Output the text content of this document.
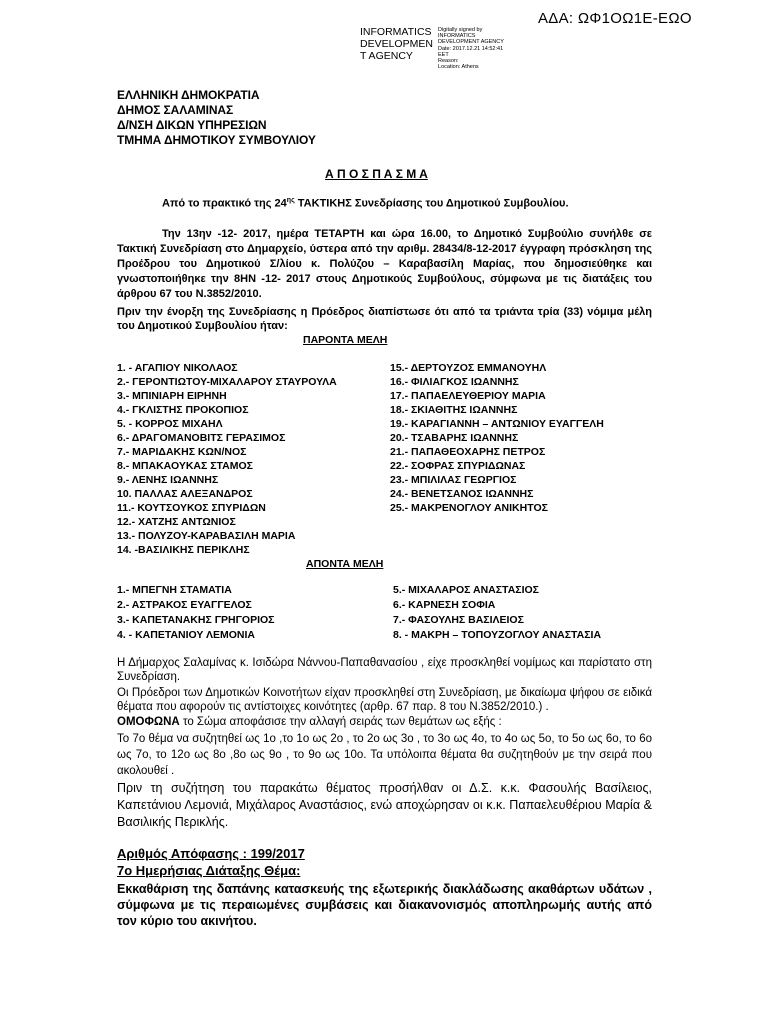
ΑΔΑ: ΩΦ1ΟΩ1Ε-ΕΩΟ
INFORMATICS
DEVELOPMEN
T AGENCY
Digitally signed by
INFORMATICS
DEVELOPMENT AGENCY
Date: 2017.12.21 14:52:41
EET
Reason:
Location: Athens
ΕΛΛΗΝΙΚΗ ΔΗΜΟΚΡΑΤΙΑ
ΔΗΜΟΣ ΣΑΛΑΜΙΝΑΣ
Δ/ΝΣΗ ΔΙΚΩΝ ΥΠΗΡΕΣΙΩΝ
ΤΜΗΜΑ ΔΗΜΟΤΙΚΟΥ ΣΥΜΒΟΥΛΙΟΥ
Α Π Ο Σ Π Α Σ Μ Α
Από το πρακτικό της $24^{\eta\varsigma}$ ΤΑΚΤΙΚΗΣ Συνεδρίασης του Δημοτικού Συμβουλίου.
Την 13ην -12- 2017, ημέρα ΤΕΤΑΡΤΗ και ώρα 16.00, το Δημοτικό Συμβούλιο συνήλθε σε Τακτική Συνεδρίαση στο Δημαρχείο, ύστερα από την αριθμ. 28434/8-12-2017 έγγραφη πρόσκληση της Προέδρου του Δημοτικού Σ/λίου κ. Πολύζου – Καραβασίλη Μαρίας, που δημοσιεύθηκε και γνωστοποιήθηκε την 8ΗΝ -12- 2017 στους Δημοτικούς Συμβούλους, σύμφωνα με τις διατάξεις του άρθρου 67 του Ν.3852/2010.
Πριν την ένορξη της Συνεδρίασης η Πρόεδρος διαπίστωσε ότι από τα τριάντα τρία (33) νόμιμα μέλη του Δημοτικού Συμβουλίου ήταν:
ΠΑΡΟΝΤΑ ΜΕΛΗ
1. - ΑΓΑΠΙΟΥ ΝΙΚΟΛΑΟΣ
2.- ΓΕΡΟΝΤΙΩΤΟΥ-ΜΙΧΑΛΑΡΟΥ ΣΤΑΥΡΟΥΛΑ
3.- ΜΠΙΝΙΑΡΗ ΕΙΡΗΝΗ
4.- ΓΚΛΙΣΤΗΣ ΠΡΟΚΟΠΙΟΣ
5. - ΚΟΡΡΟΣ ΜΙΧΑΗΛ
6.- ΔΡΑΓΟΜΑΝΟΒΙΤΣ ΓΕΡΑΣΙΜΟΣ
7.- ΜΑΡΙΔΑΚΗΣ ΚΩΝ/ΝΟΣ
8.- ΜΠΑΚΑΟΥΚΑΣ ΣΤΑΜΟΣ
9.- ΛΕΝΗΣ ΙΩΑΝΝΗΣ
10. ΠΑΛΛΑΣ ΑΛΕΞΑΝΔΡΟΣ
11.- ΚΟΥΤΣΟΥΚΟΣ ΣΠΥΡΙΔΩΝ
12.- ΧΑΤΖΗΣ ΑΝΤΩΝΙΟΣ
13.- ΠΟΛΥΖΟΥ-ΚΑΡΑΒΑΣΙΛΗ ΜΑΡΙΑ
14. -ΒΑΣΙΛΙΚΗΣ ΠΕΡΙΚΛΗΣ
15.- ΔΕΡΤΟΥΖΟΣ ΕΜΜΑΝΟΥΗΛ
16.- ΦΙΛΙΑΓΚΟΣ ΙΩΑΝΝΗΣ
17.- ΠΑΠΑΕΛΕΥΘΕΡΙΟΥ ΜΑΡΙΑ
18.- ΣΚΙΑΘΙΤΗΣ ΙΩΑΝΝΗΣ
19.- ΚΑΡΑΓΙΑΝΝΗ – ΑΝΤΩΝΙΟΥ ΕΥΑΓΓΕΛΗ
20.- ΤΣΑΒΑΡΗΣ ΙΩΑΝΝΗΣ
21.- ΠΑΠΑΘΕΟΧΑΡΗΣ ΠΕΤΡΟΣ
22.- ΣΟΦΡΑΣ ΣΠΥΡΙΔΩΝΑΣ
23.- ΜΠΙΛΙΛΑΣ ΓΕΩΡΓΙΟΣ
24.- ΒΕΝΕΤΣΑΝΟΣ ΙΩΑΝΝΗΣ
25.- ΜΑΚΡΕΝΟΓΛΟΥ ΑΝΙΚΗΤΟΣ
ΑΠΟΝΤΑ ΜΕΛΗ
1.- ΜΠΕΓΝΗ ΣΤΑΜΑΤΙΑ
2.- ΑΣΤΡΑΚΟΣ ΕΥΑΓΓΕΛΟΣ
3.- ΚΑΠΕΤΑΝΑΚΗΣ ΓΡΗΓΟΡΙΟΣ
4. - ΚΑΠΕΤΑΝΙΟΥ ΛΕΜΟΝΙΑ
5.- ΜΙΧΑΛΑΡΟΣ ΑΝΑΣΤΑΣΙΟΣ
6.- ΚΑΡΝΕΣΗ ΣΟΦΙΑ
7.- ΦΑΣΟΥΛΗΣ ΒΑΣΙΛΕΙΟΣ
8. - ΜΑΚΡΗ – ΤΟΠΟΥΖΟΓΛΟΥ ΑΝΑΣΤΑΣΙΑ
Η Δήμαρχος Σαλαμίνας κ. Ισιδώρα Νάννου-Παπαθανασίου , είχε προσκληθεί νομίμως και παρίστατο στη Συνεδρίαση.
Οι Πρόεδροι των Δημοτικών Κοινοτήτων είχαν προσκληθεί στη Συνεδρίαση, με δικαίωμα ψήφου σε ειδικά θέματα που αφορούν τις αντίστοιχες κοινότητες (αρθρ. 67 παρ. 8 του Ν.3852/2010.) .
ΟΜΟΦΩΝΑ το Σώμα αποφάσισε την αλλαγή σειράς των θεμάτων ως εξής :
Το 7ο θέμα να συζητηθεί ως 1ο ,το 1ο ως 2ο , το 2ο ως 3ο , το 3ο ως 4ο, το 4ο ως 5ο, το 5ο ως 6ο, το 6ο ως 7ο, το 12ο ως 8ο ,8ο ως 9ο , το 9ο ως 10ο. Τα υπόλοιπα θέματα θα συζητηθούν με την σειρά που ακολουθεί .
Πριν τη συζήτηση του παρακάτω θέματος προσήλθαν οι Δ.Σ. κ.κ. Φασουλής Βασίλειος, Καπετάνιου Λεμονιά, Μιχάλαρος Αναστάσιος, ενώ αποχώρησαν οι κ.κ. Παπαελευθέριου Μαρία & Βασιλικής Περικλής.
Αριθμός Απόφασης : 199/2017
7ο Ημερήσιας Διάταξης Θέμα:
Εκκαθάριση της δαπάνης κατασκευής της εξωτερικής διακλάδωσης ακαθάρτων υδάτων , σύμφωνα με τις περαιωμένες συμβάσεις και διακανονισμός αποπληρωμής αυτής από τον κύριο του ακινήτου.
